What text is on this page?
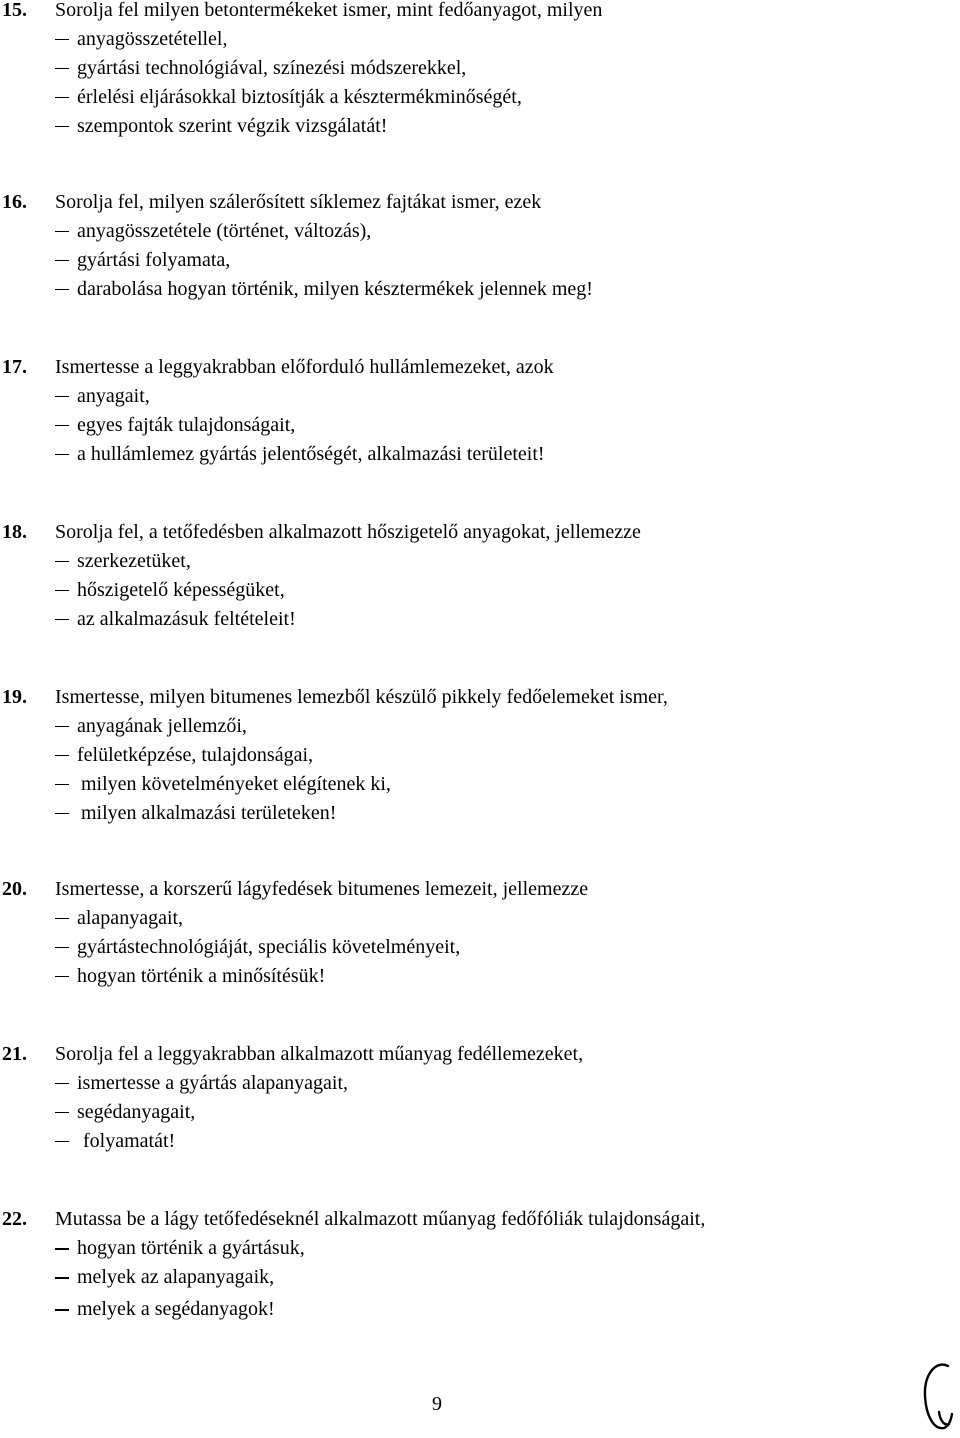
15. Sorolja fel milyen betontermékeket ismer, mint fedőanyagot, milyen
anyagösszetétellel,
gyártási technológiával, színezési módszerekkel,
érlelési eljárásokkal biztosítják a késztermékminőségét,
szempontok szerint végzik vizsgálatát!
16. Sorolja fel, milyen szálerősített síklemez fajtákat ismer, ezek
anyagösszetétele (történet, változás),
gyártási folyamata,
darabolása hogyan történik, milyen késztermékek jelennek meg!
17. Ismertesse a leggyakrabban előforduló hullámlemezeket, azok
anyagait,
egyes fajták tulajdonságait,
a hullámlemez gyártás jelentőségét, alkalmazási területeit!
18. Sorolja fel, a tetőfedésben alkalmazott hőszigetelő anyagokat, jellemezze
szerkezetüket,
hőszigetelő képességüket,
az alkalmazásuk feltételeit!
19. Ismertesse, milyen bitumenes lemezből készülő pikkely fedőelemeket ismer,
anyagának jellemzői,
felületképzése, tulajdonságai,
milyen követelményeket elégítenek ki,
milyen alkalmazási területeken!
20. Ismertesse, a korszerű lágyfedések bitumenes lemezeit, jellemezze
alapanyagait,
gyártástechnológiáját, speciális követelményeit,
hogyan történik a minősítésük!
21. Sorolja fel a leggyakrabban alkalmazott műanyag fedéllemezeket,
ismertesse a gyártás alapanyagait,
segédanyagait,
folyamatát!
22. Mutassa be a lágy tetőfedéseknél alkalmazott műanyag fedőfóliák tulajdonságait,
hogyan történik a gyártásuk,
melyek az alapanyagaik,
melyek a segédanyagok!
9
